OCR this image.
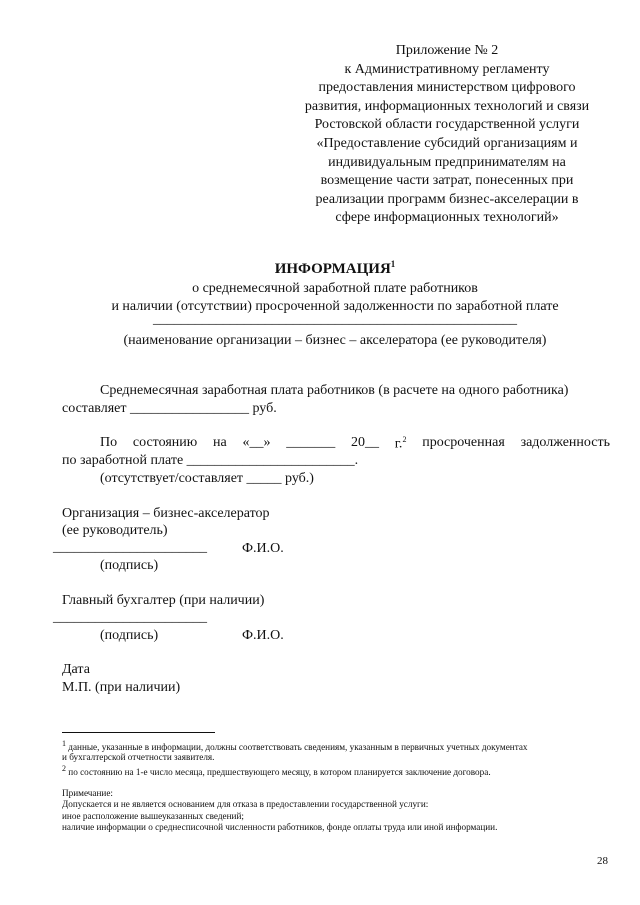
Приложение № 2
к Административному регламенту
предоставления министерством цифрового
развития, информационных технологий и связи
Ростовской области государственной услуги
«Предоставление субсидий организациям и
индивидуальным предпринимателям на
возмещение части затрат, понесенных при
реализации программ бизнес-акселерации в
сфере информационных технологий»
ИНФОРМАЦИЯ$^1$
о среднемесячной заработной плате работников
и наличии (отсутствии) просроченной задолженности по заработной плате
____________________________________________________
(наименование организации – бизнес – акселератора (ее руководителя)
Среднемесячная заработная плата работников (в расчете на одного работника)
составляет _________________ руб.
По состоянию на «__» _______ 20__ г.$^2$ просроченная задолженность
по заработной плате ________________________.
(отсутствует/составляет _____ руб.)
Организация – бизнес-акселератор
(ее руководитель)
______________________	Ф.И.О.
(подпись)
Главный бухгалтер (при наличии)
______________________
(подпись)	Ф.И.О.
Дата
М.П. (при наличии)
$^1$ данные, указанные в информации, должны соответствовать сведениям, указанным в первичных учетных документах
и бухгалтерской отчетности заявителя.
$^2$ по состоянию на 1-е число месяца, предшествующего месяцу, в котором планируется заключение договора.
Примечание:
Допускается и не является основанием для отказа в предоставлении государственной услуги:
иное расположение вышеуказанных сведений;
наличие информации о среднесписочной численности работников, фонде оплаты труда или иной информации.
28
